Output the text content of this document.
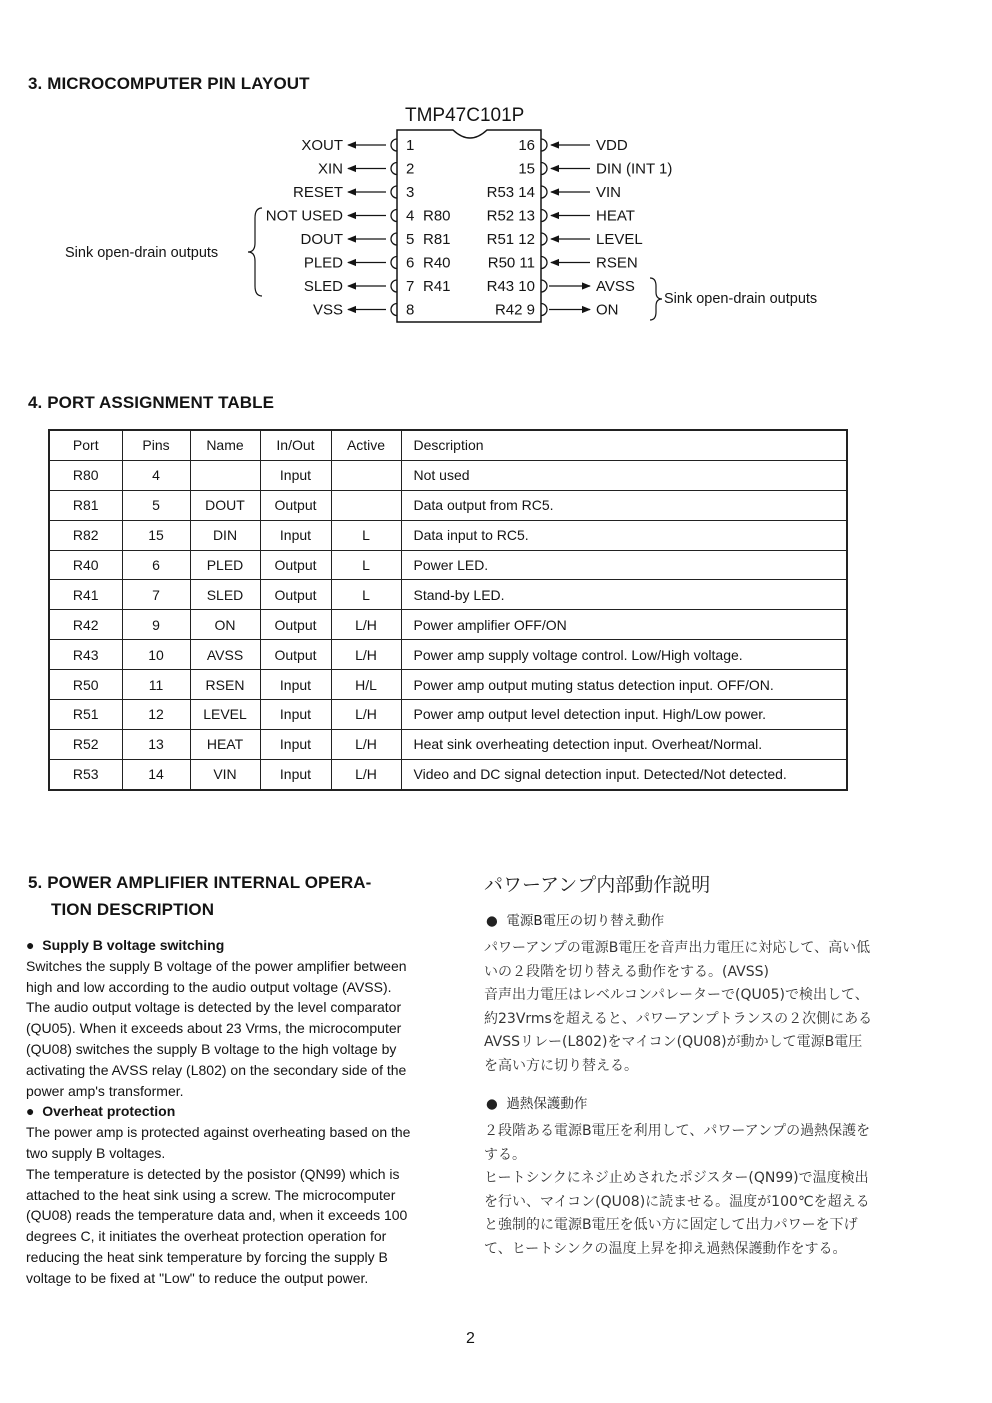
3. MICROCOMPUTER PIN LAYOUT
TMP47C101P
XOUT	1
XIN	2
RESET	3
NOT USED	4 R80
DOUT	5 R81
PLED	6 R40
SLED	7 R41
VSS	8
16	VDD
15	DIN (INT 1)
R53 14	VIN
R52 13	HEAT
R51 12	LEVEL
R50 11	RSEN
R43 10	AVSS
R42 9	ON
Sink open-drain outputs
Sink open-drain outputs
4. PORT ASSIGNMENT TABLE
Port	Pins	Name	In/Out	Active	Description
R80	4		Input		Not used
R81	5	DOUT	Output		Data output from RC5.
R82	15	DIN	Input	L	Data input to RC5.
R40	6	PLED	Output	L	Power LED.
R41	7	SLED	Output	L	Stand-by LED.
R42	9	ON	Output	L/H	Power amplifier OFF/ON
R43	10	AVSS	Output	L/H	Power amp supply voltage control. Low/High voltage.
R50	11	RSEN	Input	H/L	Power amp output muting status detection input. OFF/ON.
R51	12	LEVEL	Input	L/H	Power amp output level detection input. High/Low power.
R52	13	HEAT	Input	L/H	Heat sink overheating detection input. Overheat/Normal.
R53	14	VIN	Input	L/H	Video and DC signal detection input. Detected/Not detected.
5. POWER AMPLIFIER INTERNAL OPERA-
TION DESCRIPTION

●  Supply B voltage switching

Switches the supply B voltage of the power amplifier between high and low according to the audio output voltage (AVSS).

The audio output voltage is detected by the level comparator (QU05). When it exceeds about 23 Vrms, the microcomputer (QU08) switches the supply B voltage to the high voltage by activating the AVSS relay (L802) on the secondary side of the power amp's transformer.

●  Overheat protection

The power amp is protected against overheating based on the two supply B voltages.

The temperature is detected by the posistor (QN99) which is attached to the heat sink using a screw. The microcomputer (QU08) reads the temperature data and, when it exceeds 100 degrees C, it initiates the overheat protection operation for reducing the heat sink temperature by forcing the supply B voltage to be fixed at "Low" to reduce the output power.

パワーアンプ内部動作説明

●  電源B電圧の切り替え動作

パワーアンプの電源B電圧を音声出力電圧に対応して、高い低いの２段階を切り替える動作をする。(AVSS)

音声出力電圧はレベルコンパレーターで(QU05)で検出して、約23Vrmsを超えると、パワーアンプトランスの２次側にあるAVSSリレー(L802)をマイコン(QU08)が動かして電源B電圧を高い方に切り替える。

●  過熱保護動作

２段階ある電源B電圧を利用して、パワーアンプの過熱保護をする。

ヒートシンクにネジ止めされたポジスター(QN99)で温度検出を行い、マイコン(QU08)に読ませる。温度が100℃を超えると強制的に電源B電圧を低い方に固定して出力パワーを下げて、ヒートシンクの温度上昇を抑え過熱保護動作をする。

2
